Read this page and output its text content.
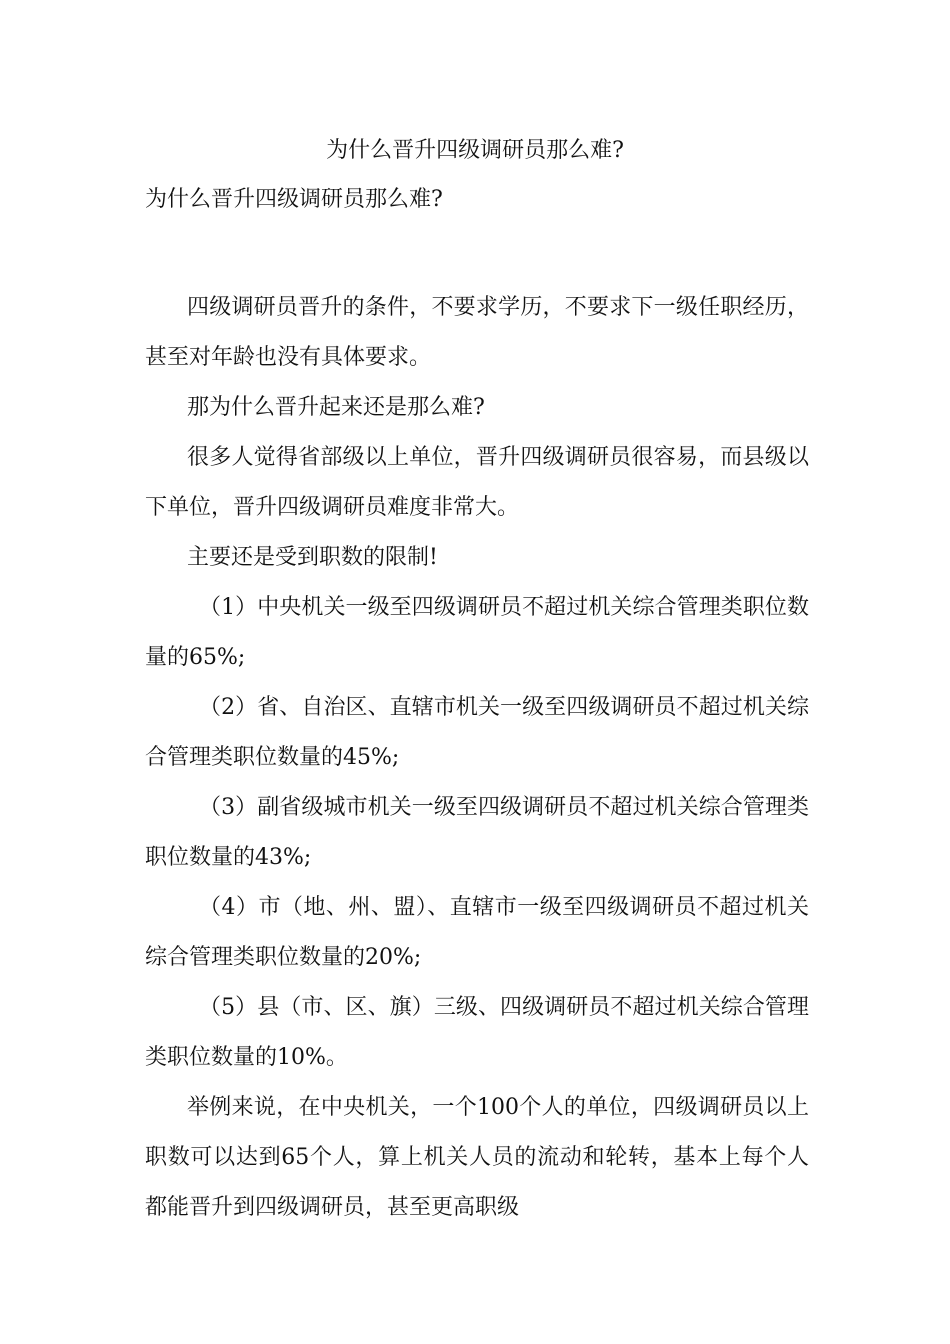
为什么晋升四级调研员那么难?
为什么晋升四级调研员那么难?

四级调研员晋升的条件，不要求学历，不要求下一级任职经历，甚至对年龄也没有具体要求。

那为什么晋升起来还是那么难?

很多人觉得省部级以上单位，晋升四级调研员很容易，而县级以下单位，晋升四级调研员难度非常大。

主要还是受到职数的限制!

（1）中央机关一级至四级调研员不超过机关综合管理类职位数量的65%;

（2）省、自治区、直辖市机关一级至四级调研员不超过机关综合管理类职位数量的45%;

（3）副省级城市机关一级至四级调研员不超过机关综合管理类职位数量的43%;

（4）市（地、州、盟）、直辖市一级至四级调研员不超过机关综合管理类职位数量的20%;

（5）县（市、区、旗）三级、四级调研员不超过机关综合管理类职位数量的10%。

举例来说，在中央机关，一个100个人的单位，四级调研员以上职数可以达到65个人，算上机关人员的流动和轮转，基本上每个人都能晋升到四级调研员，甚至更高职级
